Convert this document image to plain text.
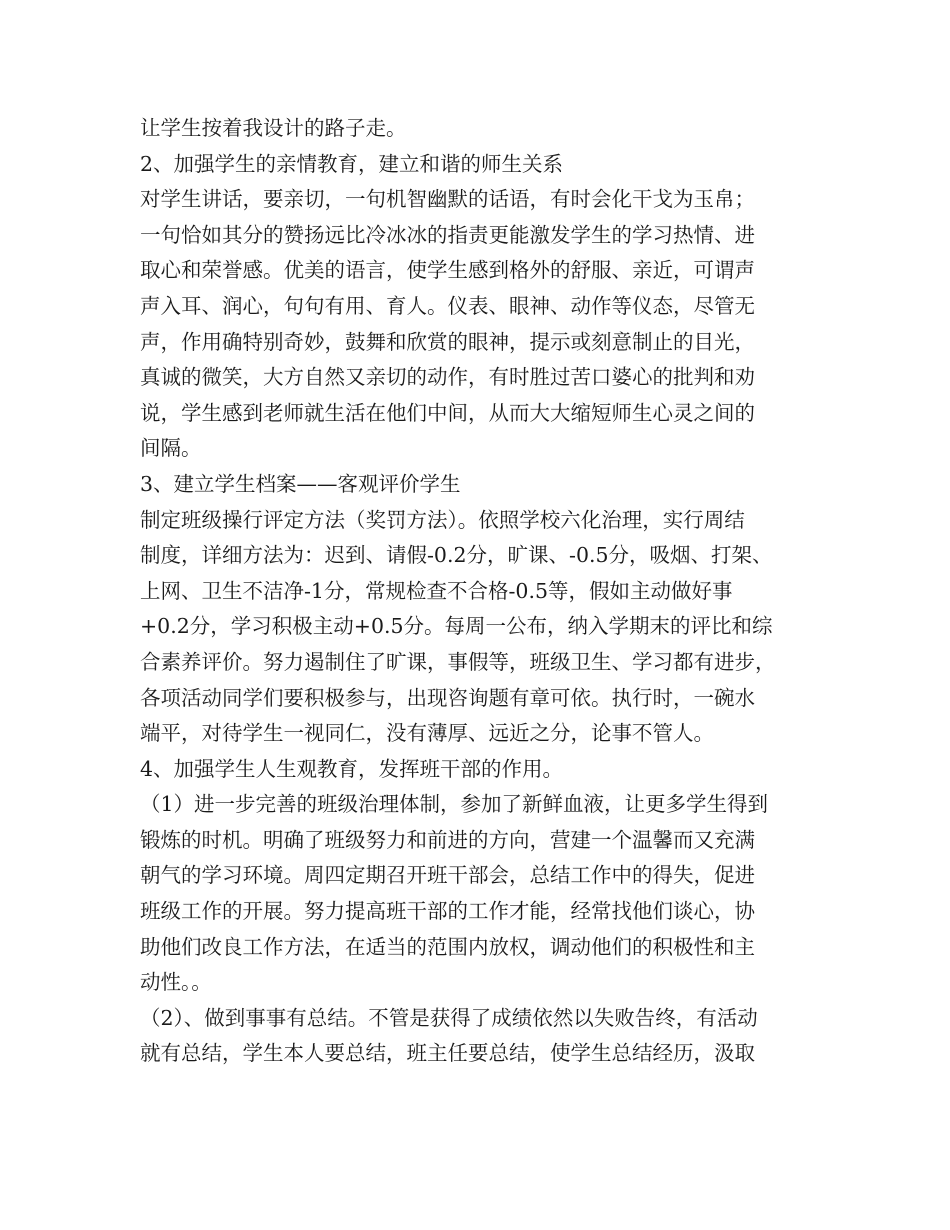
让学生按着我设计的路子走。
2、加强学生的亲情教育，建立和谐的师生关系
对学生讲话，要亲切，一句机智幽默的话语，有时会化干戈为玉帛；
一句恰如其分的赞扬远比冷冰冰的指责更能激发学生的学习热情、进
取心和荣誉感。优美的语言，使学生感到格外的舒服、亲近，可谓声
声入耳、润心，句句有用、育人。仪表、眼神、动作等仪态，尽管无
声，作用确特别奇妙，鼓舞和欣赏的眼神，提示或刻意制止的目光，
真诚的微笑，大方自然又亲切的动作，有时胜过苦口婆心的批判和劝
说，学生感到老师就生活在他们中间，从而大大缩短师生心灵之间的
间隔。
3、建立学生档案——客观评价学生
制定班级操行评定方法（奖罚方法）。依照学校六化治理，实行周结
制度，详细方法为：迟到、请假-0.2分，旷课、-0.5分，吸烟、打架、
上网、卫生不洁净-1分，常规检查不合格-0.5等，假如主动做好事
+0.2分，学习积极主动+0.5分。每周一公布，纳入学期末的评比和综
合素养评价。努力遏制住了旷课，事假等，班级卫生、学习都有进步，
各项活动同学们要积极参与，出现咨询题有章可依。执行时，一碗水
端平，对待学生一视同仁，没有薄厚、远近之分，论事不管人。
4、加强学生人生观教育，发挥班干部的作用。
（1）进一步完善的班级治理体制，参加了新鲜血液，让更多学生得到
锻炼的时机。明确了班级努力和前进的方向，营建一个温馨而又充满
朝气的学习环境。周四定期召开班干部会，总结工作中的得失，促进
班级工作的开展。努力提高班干部的工作才能，经常找他们谈心，协
助他们改良工作方法，在适当的范围内放权，调动他们的积极性和主
动性。。
（2）、做到事事有总结。不管是获得了成绩依然以失败告终，有活动
就有总结，学生本人要总结，班主任要总结，使学生总结经历，汲取
